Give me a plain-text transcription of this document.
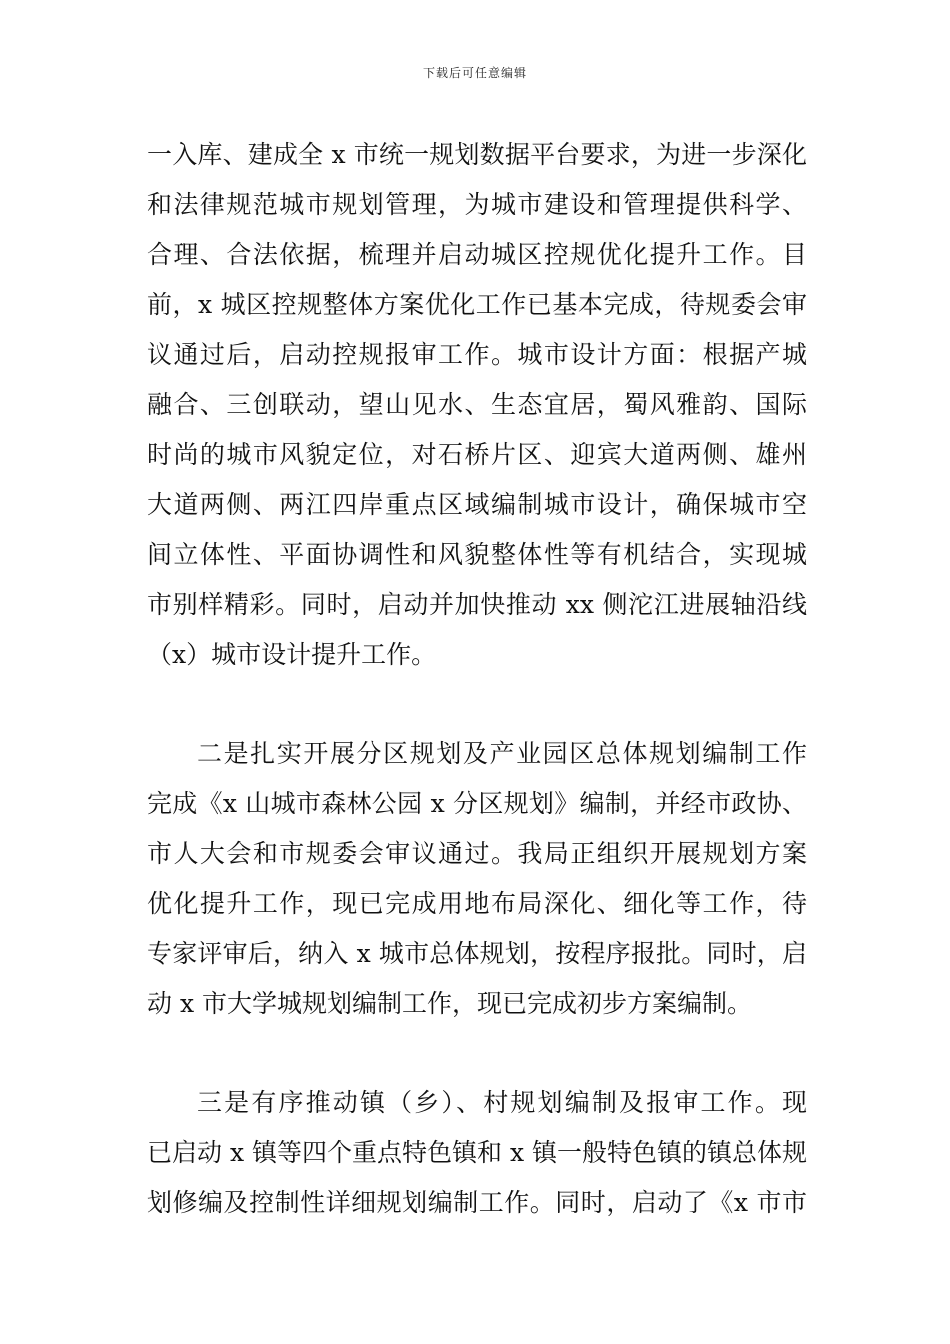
下载后可任意编辑
一入库、建成全 x 市统一规划数据平台要求，为进一步深化
和法律规范城市规划管理，为城市建设和管理提供科学、
合理、合法依据，梳理并启动城区控规优化提升工作。目
前，x 城区控规整体方案优化工作已基本完成，待规委会审
议通过后，启动控规报审工作。城市设计方面：根据产城
融合、三创联动，望山见水、生态宜居，蜀风雅韵、国际
时尚的城市风貌定位，对石桥片区、迎宾大道两侧、雄州
大道两侧、两江四岸重点区域编制城市设计，确保城市空
间立体性、平面协调性和风貌整体性等有机结合，实现城
市别样精彩。同时，启动并加快推动 xx 侧沱江进展轴沿线
（x）城市设计提升工作。
二是扎实开展分区规划及产业园区总体规划编制工作
完成《x 山城市森林公园 x 分区规划》编制，并经市政协、
市人大会和市规委会审议通过。我局正组织开展规划方案
优化提升工作，现已完成用地布局深化、细化等工作，待
专家评审后，纳入 x 城市总体规划，按程序报批。同时，启
动 x 市大学城规划编制工作，现已完成初步方案编制。
三是有序推动镇（乡）、村规划编制及报审工作。现
已启动 x 镇等四个重点特色镇和 x 镇一般特色镇的镇总体规
划修编及控制性详细规划编制工作。同时，启动了《x 市市
